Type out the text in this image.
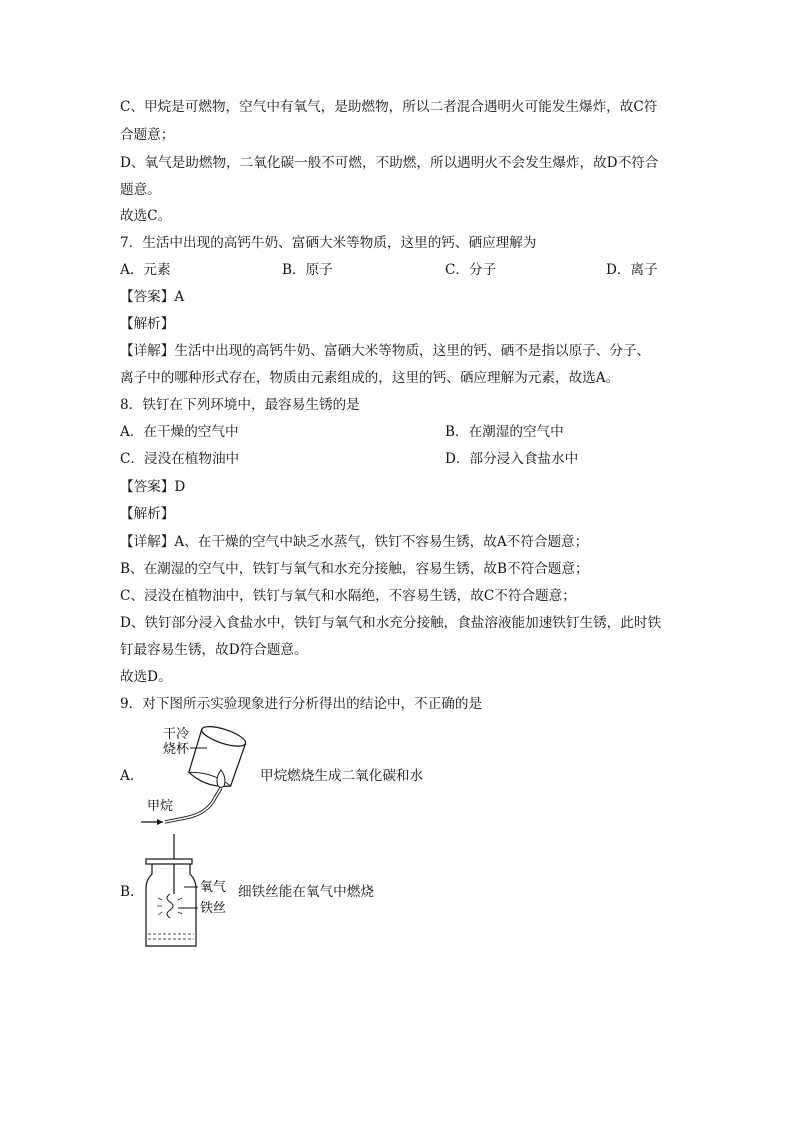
C、甲烷是可燃物，空气中有氧气，是助燃物，所以二者混合遇明火可能发生爆炸，故C符
合题意；
D、氧气是助燃物，二氧化碳一般不可燃，不助燃，所以遇明火不会发生爆炸，故D不符合
题意。
故选C。
7．生活中出现的高钙牛奶、富硒大米等物质，这里的钙、硒应理解为
A．元素	B．原子	C．分子	D．离子
【答案】A
【解析】
【详解】生活中出现的高钙牛奶、富硒大米等物质，这里的钙、硒不是指以原子、分子、
离子中的哪种形式存在，物质由元素组成的，这里的钙、硒应理解为元素，故选A。
8．铁钉在下列环境中，最容易生锈的是
A．在干燥的空气中	B．在潮湿的空气中
C．浸没在植物油中	D．部分浸入食盐水中
【答案】D
【解析】
【详解】A、在干燥的空气中缺乏水蒸气，铁钉不容易生锈，故A不符合题意；
B、在潮湿的空气中，铁钉与氧气和水充分接触，容易生锈，故B不符合题意；
C、浸没在植物油中，铁钉与氧气和水隔绝，不容易生锈，故C不符合题意；
D、铁钉部分浸入食盐水中，铁钉与氧气和水充分接触，食盐溶液能加速铁钉生锈，此时铁
钉最容易生锈，故D符合题意。
故选D。
9．对下图所示实验现象进行分析得出的结论中，不正确的是
A.	甲烷燃烧生成二氧化碳和水
干冷
烧杯
甲烷
B.	细铁丝能在氧气中燃烧
氧气
铁丝
